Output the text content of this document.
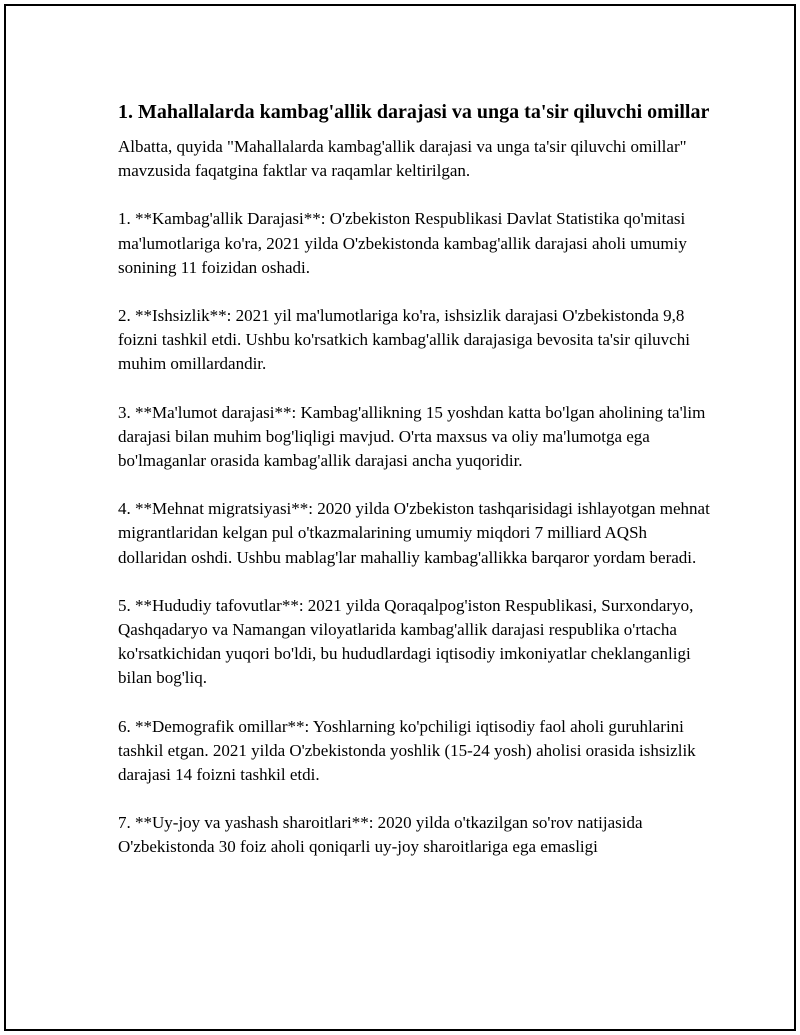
1. Mahallalarda kambag'allik darajasi va unga ta'sir qiluvchi omillar

Albatta, quyida "Mahallalarda kambag'allik darajasi va unga ta'sir qiluvchi omillar" mavzusida faqatgina faktlar va raqamlar keltirilgan.

1. **Kambag'allik Darajasi**: O'zbekiston Respublikasi Davlat Statistika qo'mitasi ma'lumotlariga ko'ra, 2021 yilda O'zbekistonda kambag'allik darajasi aholi umumiy sonining 11 foizidan oshadi.

2. **Ishsizlik**: 2021 yil ma'lumotlariga ko'ra, ishsizlik darajasi O'zbekistonda 9,8 foizni tashkil etdi. Ushbu ko'rsatkich kambag'allik darajasiga bevosita ta'sir qiluvchi muhim omillardandir.

3. **Ma'lumot darajasi**: Kambag'allikning 15 yoshdan katta bo'lgan aholining ta'lim darajasi bilan muhim bog'liqligi mavjud. O'rta maxsus va oliy ma'lumotga ega bo'lmaganlar orasida kambag'allik darajasi ancha yuqoridir.

4. **Mehnat migratsiyasi**: 2020 yilda O'zbekiston tashqarisidagi ishlayotgan mehnat migrantlaridan kelgan pul o'tkazmalarining umumiy miqdori 7 milliard AQSh dollaridan oshdi. Ushbu mablag'lar mahalliy kambag'allikka barqaror yordam beradi.

5. **Hududiy tafovutlar**: 2021 yilda Qoraqalpog'iston Respublikasi, Surxondaryo, Qashqadaryo va Namangan viloyatlarida kambag'allik darajasi respublika o'rtacha ko'rsatkichidan yuqori bo'ldi, bu hududlardagi iqtisodiy imkoniyatlar cheklanganligi bilan bog'liq.

6. **Demografik omillar**: Yoshlarning ko'pchiligi iqtisodiy faol aholi guruhlarini tashkil etgan. 2021 yilda O'zbekistonda yoshlik (15-24 yosh) aholisi orasida ishsizlik darajasi 14 foizni tashkil etdi.

7. **Uy-joy va yashash sharoitlari**: 2020 yilda o'tkazilgan so'rov natijasida O'zbekistonda 30 foiz aholi qoniqarli uy-joy sharoitlariga ega emasligi
